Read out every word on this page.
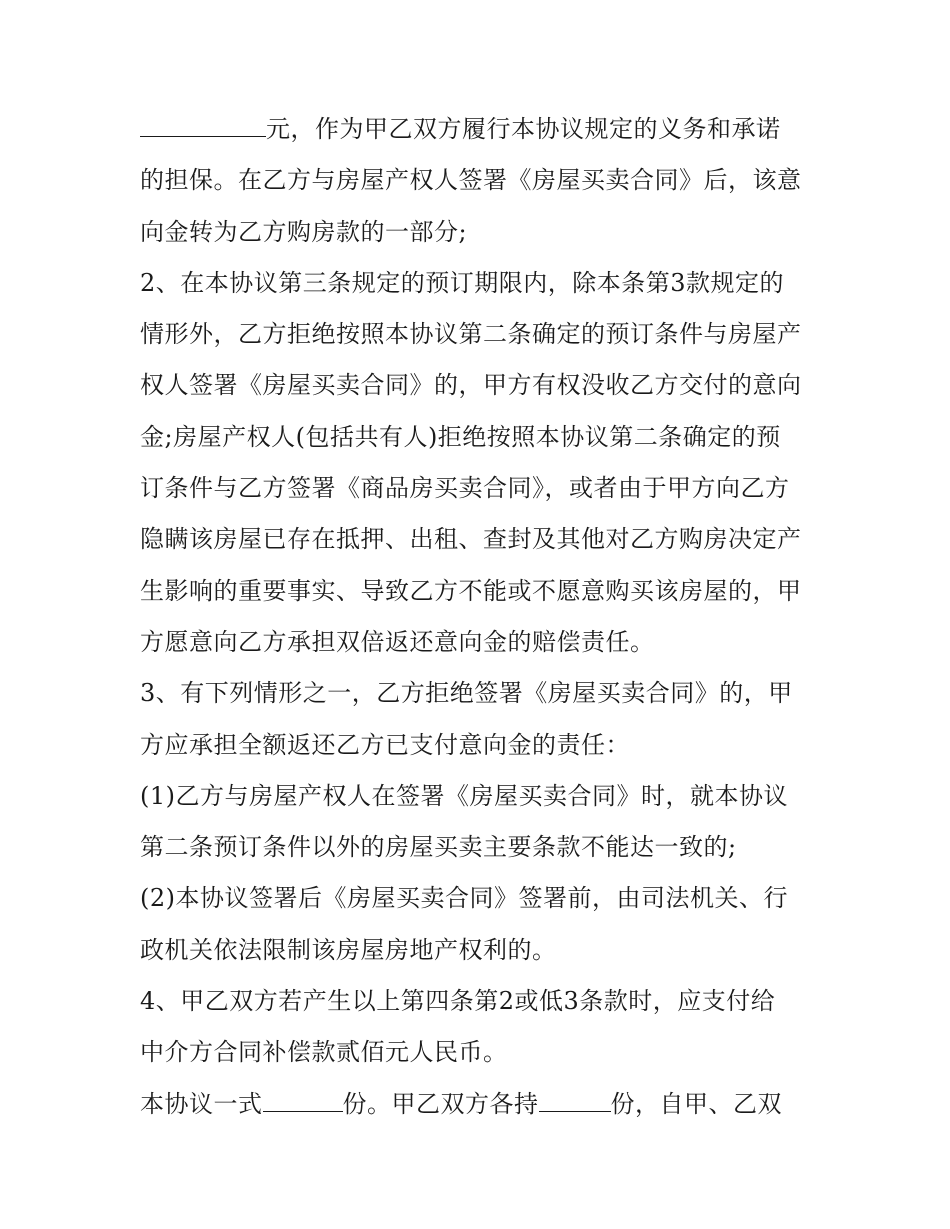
元，作为甲乙双方履行本协议规定的义务和承诺
的担保。在乙方与房屋产权人签署《房屋买卖合同》后，该意
向金转为乙方购房款的一部分;
2、在本协议第三条规定的预订期限内，除本条第3款规定的
情形外，乙方拒绝按照本协议第二条确定的预订条件与房屋产
权人签署《房屋买卖合同》的，甲方有权没收乙方交付的意向
金;房屋产权人(包括共有人)拒绝按照本协议第二条确定的预
订条件与乙方签署《商品房买卖合同》，或者由于甲方向乙方
隐瞒该房屋已存在抵押、出租、查封及其他对乙方购房决定产
生影响的重要事实、导致乙方不能或不愿意购买该房屋的，甲
方愿意向乙方承担双倍返还意向金的赔偿责任。
3、有下列情形之一，乙方拒绝签署《房屋买卖合同》的，甲
方应承担全额返还乙方已支付意向金的责任：
(1)乙方与房屋产权人在签署《房屋买卖合同》时，就本协议
第二条预订条件以外的房屋买卖主要条款不能达一致的;
(2)本协议签署后《房屋买卖合同》签署前，由司法机关、行
政机关依法限制该房屋房地产权利的。
4、甲乙双方若产生以上第四条第2或低3条款时，应支付给
中介方合同补偿款贰佰元人民币。
本协议一式	份。甲乙双方各持	份，自甲、乙双
